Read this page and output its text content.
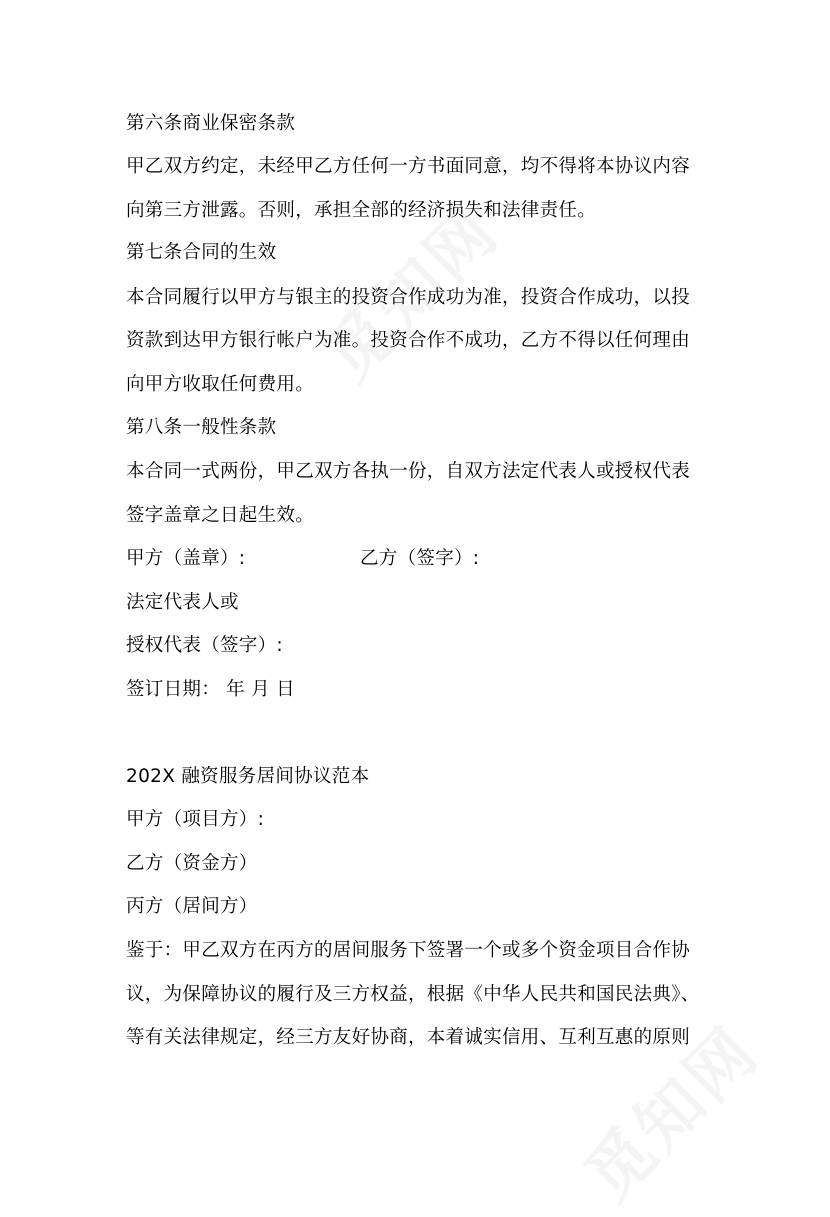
第六条商业保密条款

甲乙双方约定，未经甲乙方任何一方书面同意，均不得将本协议内容

向第三方泄露。否则，承担全部的经济损失和法律责任。

第七条合同的生效

本合同履行以甲方与银主的投资合作成功为准，投资合作成功，以投

资款到达甲方银行帐户为准。投资合作不成功，乙方不得以任何理由

向甲方收取任何费用。

第八条一般性条款

本合同一式两份，甲乙双方各执一份，自双方法定代表人或授权代表

签字盖章之日起生效。

甲方（盖章）:	乙方（签字）:

法定代表人或

授权代表（签字）:

签订日期： 年 月 日

202X 融资服务居间协议范本

甲方（项目方）:

乙方（资金方）

丙方（居间方）

鉴于：甲乙双方在丙方的居间服务下签署一个或多个资金项目合作协

议，为保障协议的履行及三方权益，根据《中华人民共和国民法典》、

等有关法律规定，经三方友好协商，本着诚实信用、互利互惠的原则
